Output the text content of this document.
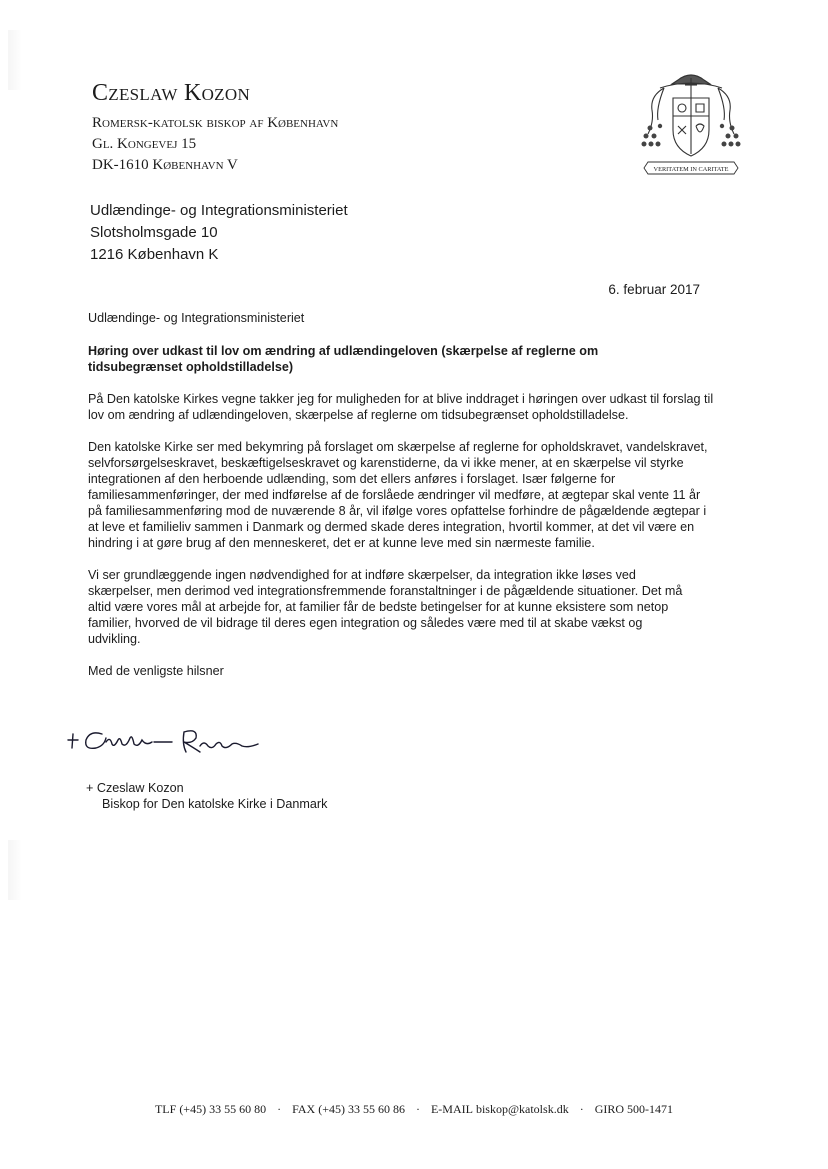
Czeslaw Kozon

Romersk-katolsk biskop af København

Gl. Kongevej 15

DK-1610 København V	VERITATEM IN CARITATE
Udlændinge- og Integrationsministeriet
Slotsholmsgade 10
1216 København K
6. februar 2017

Udlændinge- og Integrationsministeriet

Høring over udkast til lov om ændring af udlændingeloven (skærpelse af reglerne om tidsubegrænset opholdstilladelse)

På Den katolske Kirkes vegne takker jeg for muligheden for at blive inddraget i høringen over udkast til forslag til lov om ændring af udlændingeloven, skærpelse af reglerne om tidsubegrænset opholdstilladelse.

Den katolske Kirke ser med bekymring på forslaget om skærpelse af reglerne for opholdskravet, vandelskravet, selvforsørgelseskravet, beskæftigelseskravet og karenstiderne, da vi ikke mener, at en skærpelse vil styrke integrationen af den herboende udlænding, som det ellers anføres i forslaget. Især følgerne for familiesammenføringer, der med indførelse af de forslåede ændringer vil medføre, at ægtepar skal vente 11 år på familiesammenføring mod de nuværende 8 år, vil ifølge vores opfattelse forhindre de pågældende ægtepar i at leve et familieliv sammen i Danmark og dermed skade deres integration, hvortil kommer, at det vil være en hindring i at gøre brug af den menneskeret, det er at kunne leve med sin nærmeste familie.

Vi ser grundlæggende ingen nødvendighed for at indføre skærpelser, da integration ikke løses ved skærpelser, men derimod ved integrationsfremmende foranstaltninger i de pågældende situationer. Det må altid være vores mål at arbejde for, at familier får de bedste betingelser for at kunne eksistere som netop familier, hvorved de vil bidrage til deres egen integration og således være med til at skabe vækst og udvikling.

Med de venligste hilsner

+ Czeslaw Kozon
Biskop for Den katolske Kirke i Danmark
TLF (+45) 33 55 60 80 · FAX (+45) 33 55 60 86 · E-MAIL biskop@katolsk.dk · GIRO 500-1471
